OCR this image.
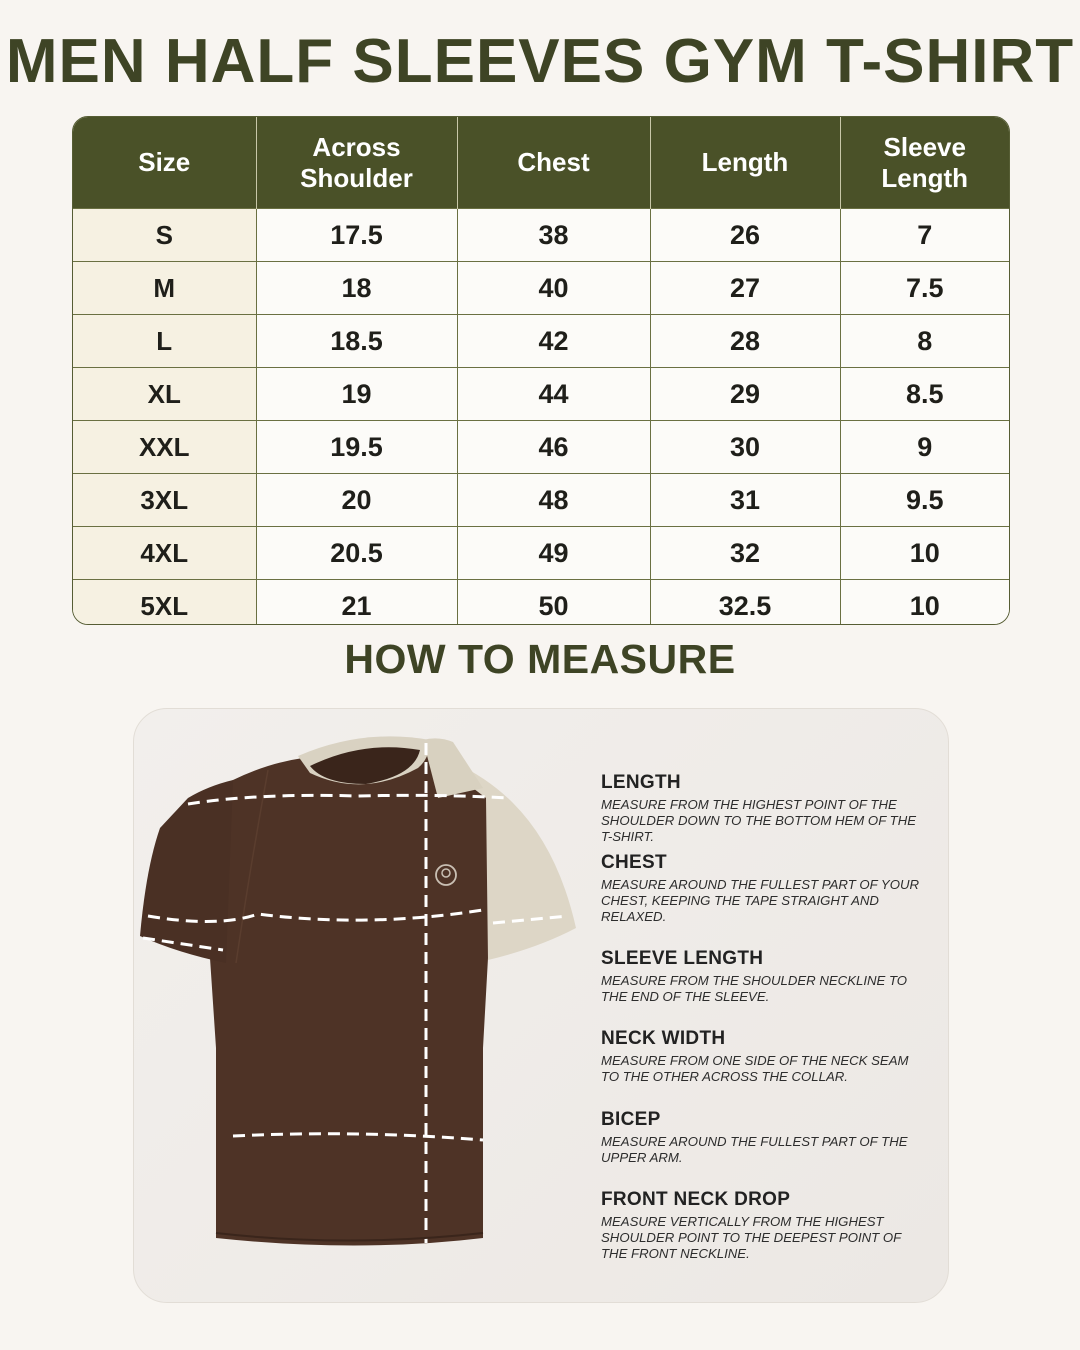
MEN HALF SLEEVES GYM T-SHIRT
Size	Across Shoulder	Chest	Length	Sleeve Length

S	17.5	38	26	7
M	18	40	27	7.5
L	18.5	42	28	8
XL	19	44	29	8.5
XXL	19.5	46	30	9
3XL	20	48	31	9.5
4XL	20.5	49	32	10
5XL	21	50	32.5	10
HOW TO MEASURE
LENGTH
MEASURE FROM THE HIGHEST POINT OF THE SHOULDER DOWN TO THE BOTTOM HEM OF THE T-SHIRT.
CHEST
MEASURE AROUND THE FULLEST PART OF YOUR CHEST, KEEPING THE TAPE STRAIGHT AND RELAXED.
SLEEVE LENGTH
MEASURE FROM THE SHOULDER NECKLINE TO THE END OF THE SLEEVE.
NECK WIDTH
MEASURE FROM ONE SIDE OF THE NECK SEAM TO THE OTHER ACROSS THE COLLAR.
BICEP
MEASURE AROUND THE FULLEST PART OF THE UPPER ARM.
FRONT NECK DROP
MEASURE VERTICALLY FROM THE HIGHEST SHOULDER POINT TO THE DEEPEST POINT OF THE FRONT NECKLINE.
